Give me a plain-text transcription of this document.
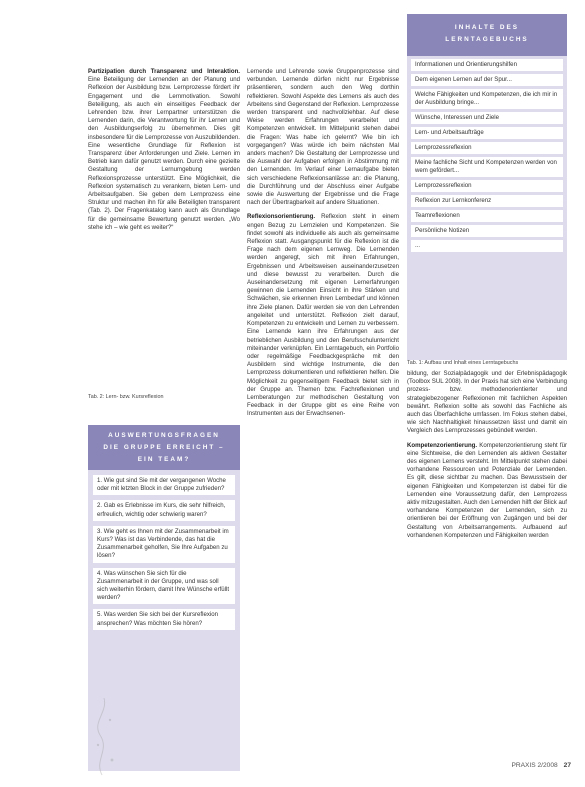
Partizipation durch Transparenz und Interaktion. Eine Beteiligung der Lernenden an der Planung und Reflexion der Ausbildung bzw. Lernprozesse fördert ihr Engagement und die Lernmotivation. Sowohl Beteiligung, als auch ein einseitiges Feedback der Lehrenden bzw. ihrer Lernpartner unterstützen die Lernenden darin, die Verantwortung für ihr Lernen und den Ausbildungserfolg zu übernehmen. Dies gilt insbesondere für die Lernprozesse von Auszubildenden. Eine wesentliche Grundlage für Reflexion ist Transparenz über Anforderungen und Ziele. Lernen im Betrieb kann dafür genutzt werden. Durch eine gezielte Gestaltung der Lernumgebung werden Reflexionsprozesse unterstützt. Eine Möglichkeit, die Reflexion systematisch zu verankern, bieten Lern- und Arbeitsaufgaben. Sie geben dem Lernprozess eine Struktur und machen ihn für alle Beteiligten transparent (Tab. 2). Der Fragenkatalog kann auch als Grundlage für die gemeinsame Bewertung genutzt werden. „Wo stehe ich – wie geht es weiter?“

Lernende und Lehrende sowie Gruppenprozesse sind verbunden. Lernende dürfen nicht nur Ergebnisse präsentieren, sondern auch den Weg dorthin reflektieren. Sowohl Aspekte des Lernens als auch des Arbeitens sind Gegenstand der Reflexion. Lernprozesse werden transparent und nachvollziehbar. Auf diese Weise werden Erfahrungen verarbeitet und Kompetenzen entwickelt. Im Mittelpunkt stehen dabei die Fragen: Was habe ich gelernt? Wie bin ich vorgegangen? Was würde ich beim nächsten Mal anders machen? Die Gestaltung der Lernprozesse und die Auswahl der Aufgaben erfolgen in Abstimmung mit den Lernenden. Im Verlauf einer Lernaufgabe bieten sich verschiedene Reflexionsanlässe an: die Planung, die Durchführung und der Abschluss einer Aufgabe sowie die Auswertung der Ergebnisse und die Frage nach der Übertragbarkeit auf andere Situationen.

Reflexionsorientierung. Reflexion steht in einem engen Bezug zu Lernzielen und Kompetenzen. Sie findet sowohl als individuelle als auch als gemeinsame Reflexion statt. Ausgangspunkt für die Reflexion ist die Frage nach dem eigenen Lernweg. Die Lernenden werden angeregt, sich mit ihren Erfahrungen, Ergebnissen und Arbeitsweisen auseinanderzusetzen und diese bewusst zu verarbeiten. Durch die Auseinandersetzung mit eigenen Lernerfahrungen gewinnen die Lernenden Einsicht in ihre Stärken und Schwächen, sie erkennen ihren Lernbedarf und können ihre Ziele planen. Dafür werden sie von den Lehrenden angeleitet und unterstützt. Reflexion zielt darauf, Kompetenzen zu entwickeln und Lernen zu verbessern. Eine Lernende kann ihre Erfahrungen aus der betrieblichen Ausbildung und den Berufsschulunterricht miteinander verknüpfen. Ein Lerntagebuch, ein Portfolio oder regelmäßige Feedbackgespräche mit den Ausbildern sind wichtige Instrumente, die den Lernprozess dokumentieren und reflektieren helfen. Die Möglichkeit zu gegenseitigem Feedback bietet sich in der Gruppe an. Themen bzw. Fachreflexionen und Lernberatungen zur methodischen Gestaltung von Feedback in der Gruppe gibt es eine Reihe von Instrumenten aus der Erwachsenen-

INHALTE DES
LERNTAGEBUCHS
Informationen und Orientierungshilfen
Dem eigenen Lernen auf der Spur...
Welche Fähigkeiten und Kompetenzen, die ich mir in der Ausbildung bringe...
Wünsche, Interessen und Ziele
Lern- und Arbeitsaufträge
Lernprozessreflexion
Meine fachliche Sicht und Kompetenzen werden von wem gefördert...
Lernprozessreflexion
Reflexion zur Lernkonferenz
Teamreflexionen
Persönliche Notizen
...
Tab. 1: Aufbau und Inhalt eines Lerntagebuchs

bildung, der Sozialpädagogik und der Erlebnispädagogik (Toolbox SUL 2008). In der Praxis hat sich eine Verbindung prozess- bzw. methodenorientierter und strategiebezogener Reflexionen mit fachlichen Aspekten bewährt. Reflexion sollte als sowohl das Fachliche als auch das Überfachliche umfassen. Im Fokus stehen dabei, wie sich Nachhaltigkeit hinaussetzen lässt und damit ein Vergleich des Lernprozesses gebündelt werden.

Kompetenzorientierung. Kompetenzorientierung steht für eine Sichtweise, die den Lernenden als aktiven Gestalter des eigenen Lernens versteht. Im Mittelpunkt stehen dabei vorhandene Ressourcen und Potenziale der Lernenden. Es gilt, diese sichtbar zu machen. Das Bewusstsein der eigenen Fähigkeiten und Kompetenzen ist dabei für die Lernenden eine Voraussetzung dafür, den Lernprozess aktiv mitzugestalten. Auch den Lernenden hilft der Blick auf vorhandene Kompetenzen der Lernenden, sich zu orientieren bei der Eröffnung von Zugängen und bei der Gestaltung von Arbeitsarrangements. Aufbauend auf vorhandenen Kompetenzen und Fähigkeiten werden

Tab. 2: Lern- bzw. Kursreflexion
AUSWERTUNGSFRAGEN
DIE GRUPPE ERREICHT –
EIN TEAM?
1. Wie gut sind Sie mit der vergangenen Woche oder mit letzten Block in der Gruppe zufrieden?
2. Gab es Erlebnisse im Kurs, die sehr hilfreich, erfreulich, wichtig oder schwierig waren?
3. Wie geht es Ihnen mit der Zusammenarbeit im Kurs? Was ist das Verbindende, das hat die Zusammenarbeit geholfen, Sie Ihre Aufgaben zu lösen?
4. Was wünschen Sie sich für die Zusammenarbeit in der Gruppe, und was soll sich weiterhin fördern, damit Ihre Wünsche erfüllt werden?
5. Was werden Sie sich bei der Kursreflexion ansprechen? Was möchten Sie hören?
PRAXIS 2/2008 27
